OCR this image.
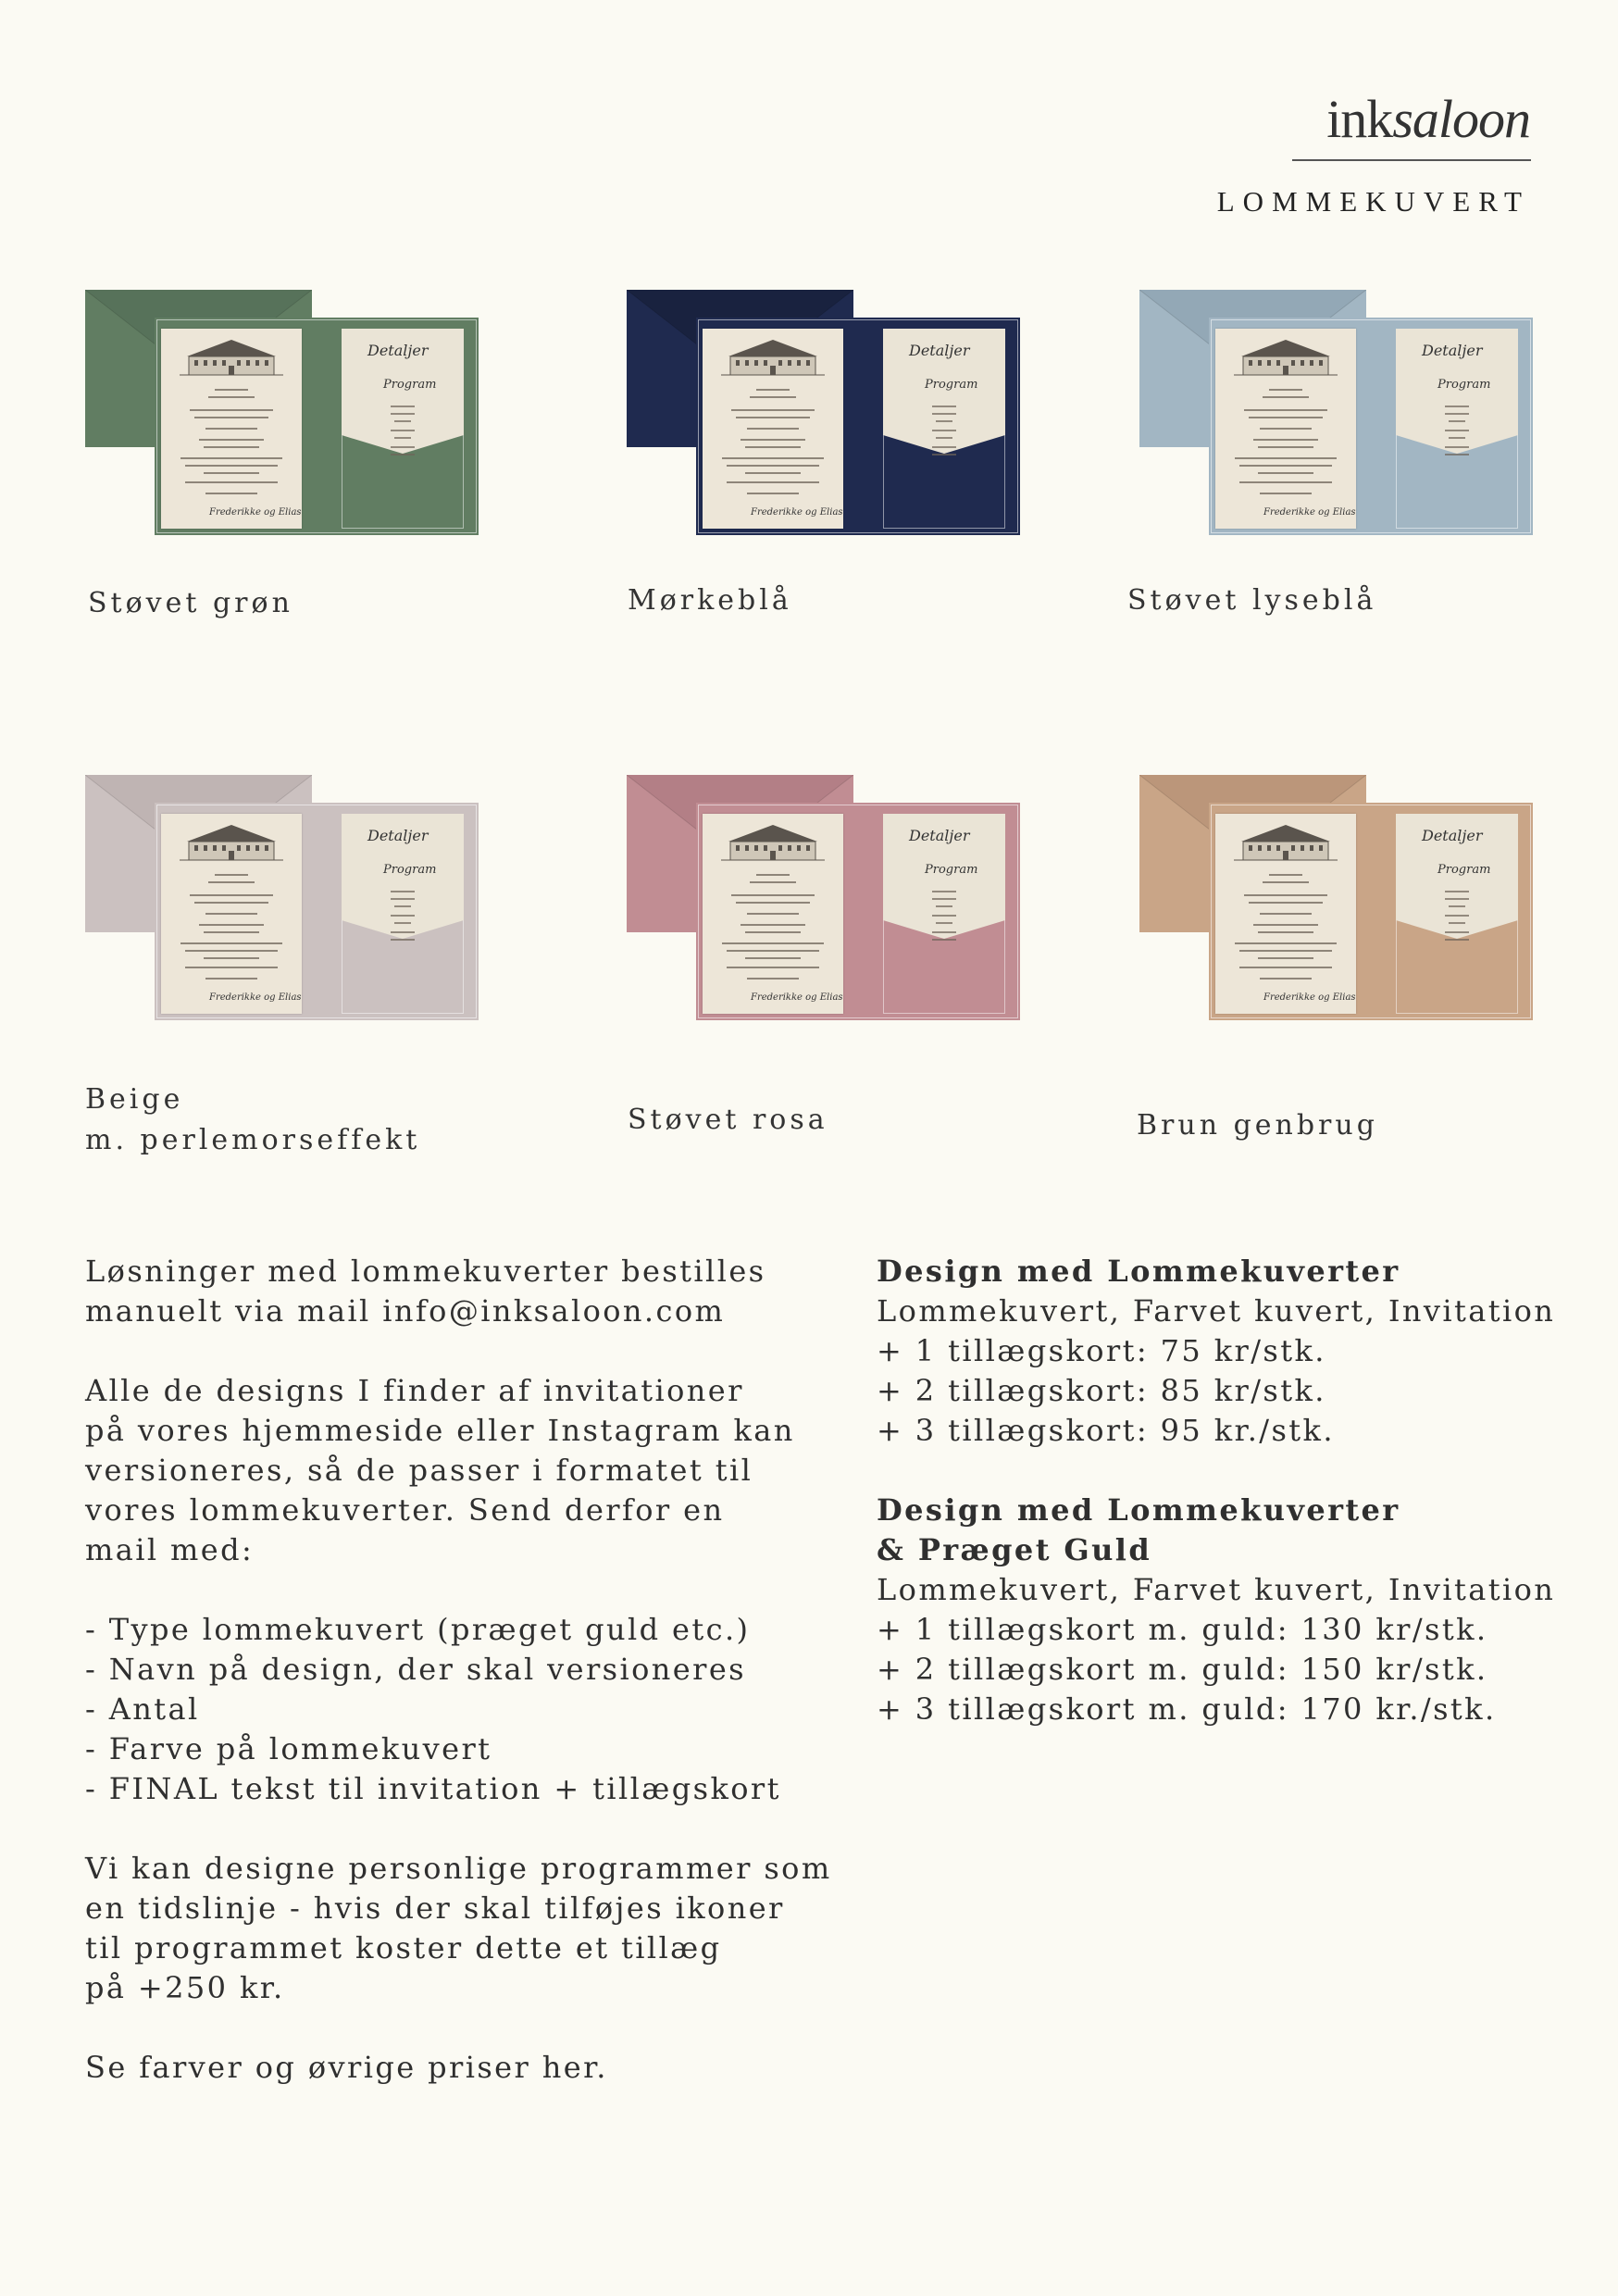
inksaloon
LOMMEKUVERT
Frederikke og Elias
Detaljer
Program
Frederikke og Elias
Detaljer
Program
Frederikke og Elias
Detaljer
Program
Frederikke og Elias
Detaljer
Program
Frederikke og Elias
Detaljer
Program
Frederikke og Elias
Detaljer
Program
Støvet grøn	Mørkeblå	Støvet lyseblå
Beige
m. perlemorseffekt
Støvet rosa	Brun genbrug

Løsninger med lommekuverter bestilles

manuelt via mail info@inksaloon.com

Alle de designs I finder af invitationer

på vores hjemmeside eller Instagram kan

versioneres, så de passer i formatet til

vores lommekuverter. Send derfor en

mail med:

- Type lommekuvert (præget guld etc.)

- Navn på design, der skal versioneres

- Antal

- Farve på lommekuvert

- FINAL tekst til invitation + tillægskort

Vi kan designe personlige programmer som

en tidslinje - hvis der skal tilføjes ikoner

til programmet koster dette et tillæg

på +250 kr.

Se farver og øvrige priser her.

Design med Lommekuverter

Lommekuvert, Farvet kuvert, Invitation

+ 1 tillægskort: 75 kr/stk.

+ 2 tillægskort: 85 kr/stk.

+ 3 tillægskort: 95 kr./stk.

Design med Lommekuverter

& Præget Guld

Lommekuvert, Farvet kuvert, Invitation

+ 1 tillægskort m. guld: 130 kr/stk.

+ 2 tillægskort m. guld: 150 kr/stk.

+ 3 tillægskort m. guld: 170 kr./stk.
